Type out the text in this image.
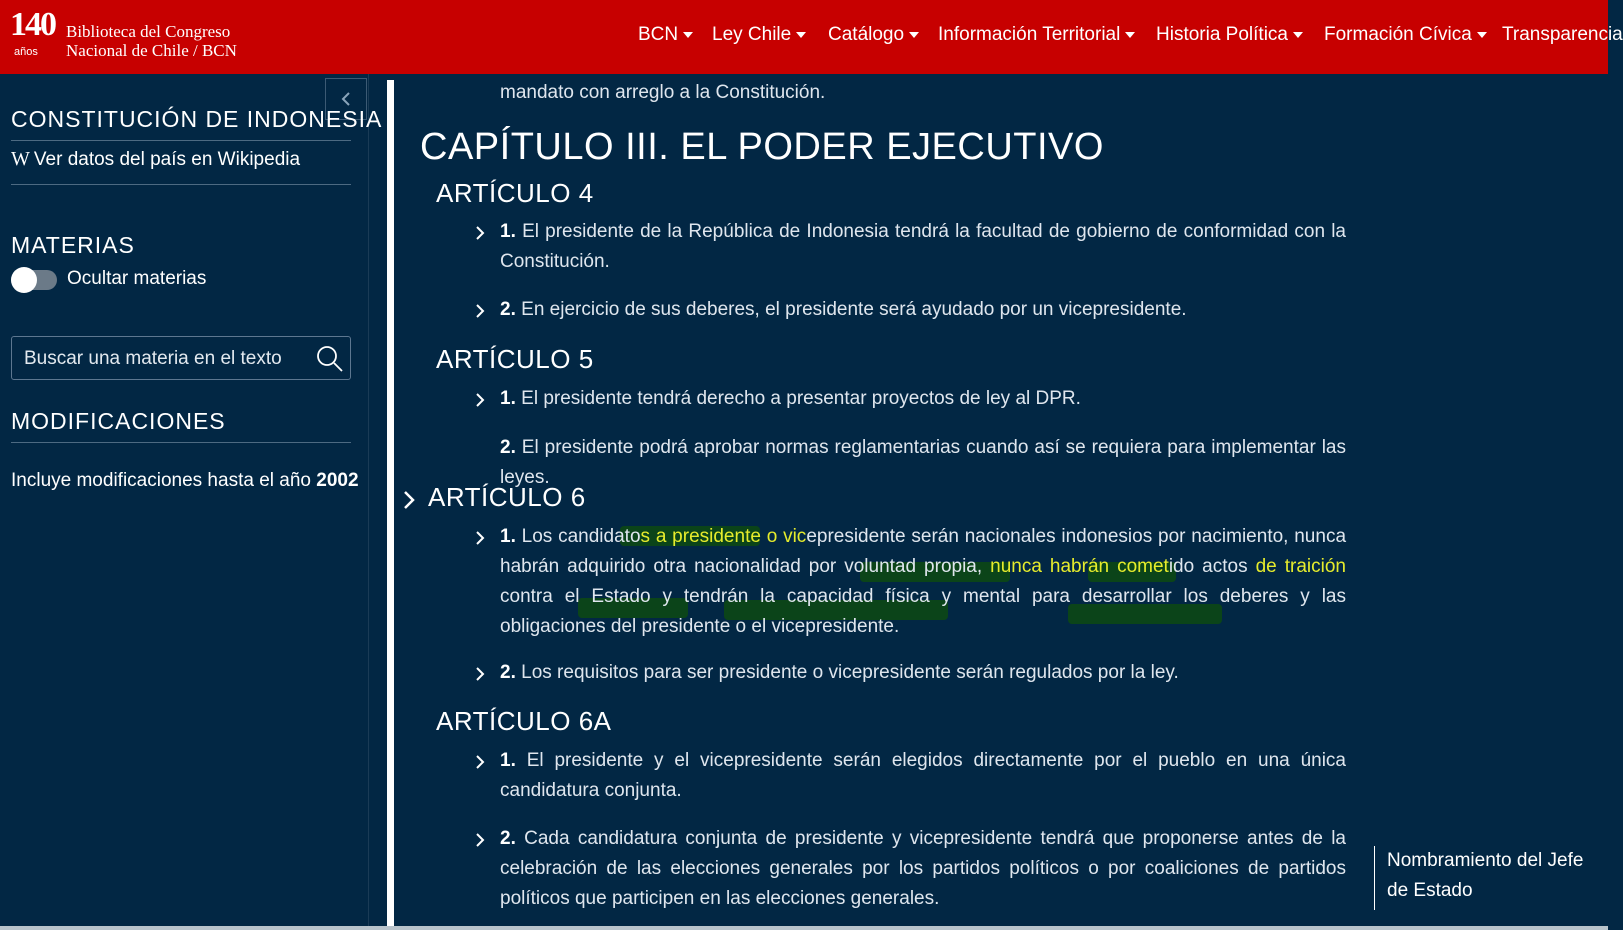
140
años
Biblioteca del Congreso
Nacional de Chile / BCN
BCN	Ley Chile	Catálogo	Información Territorial	Historia Política	Formación Cívica	Transparencia
CONSTITUCIÓN DE INDONESIA
W Ver datos del país en Wikipedia
MATERIAS
Ocultar materias
Buscar una materia en el texto
MODIFICACIONES
Incluye modificaciones hasta el año 2002
mandato con arreglo a la Constitución.
CAPÍTULO III. EL PODER EJECUTIVO
ARTÍCULO 4
1. El presidente de la República de Indonesia tendrá la facultad de gobierno de conformidad con la Constitución.
2. En ejercicio de sus deberes, el presidente será ayudado por un vicepresidente.
ARTÍCULO 5
1. El presidente tendrá derecho a presentar proyectos de ley al DPR.
2. El presidente podrá aprobar normas reglamentarias cuando así se requiera para implementar las leyes.
ARTÍCULO 6
1. Los candidatos a presidente o vicepresidente serán nacionales indonesios por nacimiento, nunca habrán adquirido otra nacionalidad por voluntad propia, nunca habrán cometido actos de traición contra el Estado y tendrán la capacidad física y mental para desarrollar los deberes y las obligaciones del presidente o el vicepresidente.
2. Los requisitos para ser presidente o vicepresidente serán regulados por la ley.
ARTÍCULO 6A
1. El presidente y el vicepresidente serán elegidos directamente por el pueblo en una única candidatura conjunta.
2. Cada candidatura conjunta de presidente y vicepresidente tendrá que proponerse antes de la celebración de las elecciones generales por los partidos políticos o por coaliciones de partidos políticos que participen en las elecciones generales.
Nombramiento del Jefe de Estado
